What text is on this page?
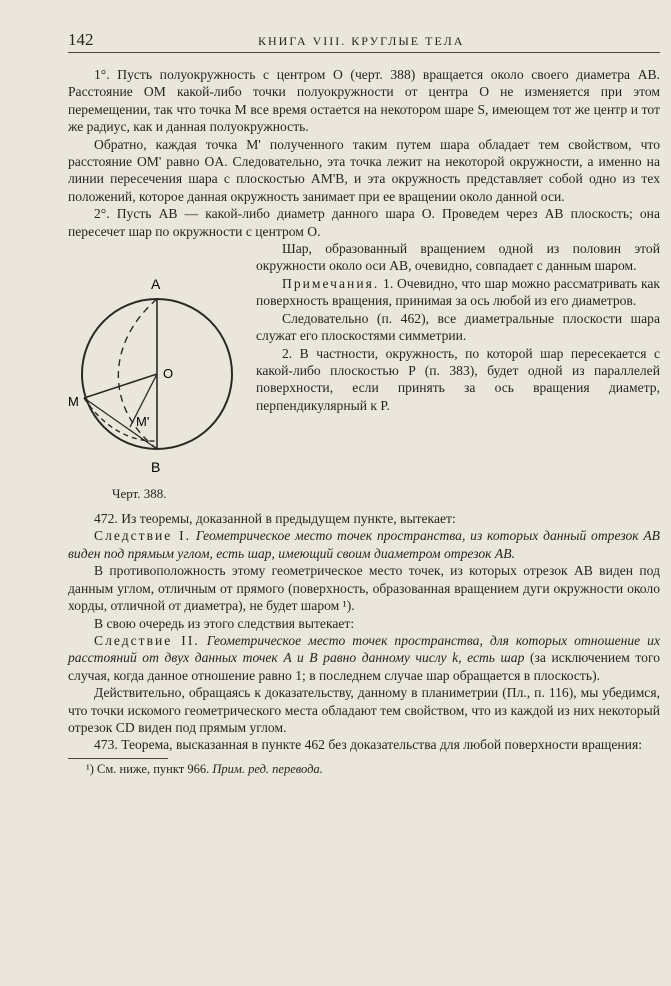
142	КНИГА VIII. КРУГЛЫЕ ТЕЛА

1°. Пусть полуокружность с центром O (черт. 388) вращается около своего диаметра AB. Расстояние OM какой-либо точки полуокружности от центра O не изменяется при этом перемещении, так что точка M все время остается на некотором шаре S, имеющем тот же центр и тот же радиус, как и данная полуокружность.

Обратно, каждая точка M' полученного таким путем шара обладает тем свойством, что расстояние OM' равно OA. Следовательно, эта точка лежит на некоторой окружности, а именно на линии пересечения шара с плоскостью AM'B, и эта окружность представляет собой одно из тех положений, которое данная окружность занимает при ее вращении около данной оси.

2°. Пусть AB — какой-либо диаметр данного шара O. Проведем через AB плоскость; она пересечет шар по окружности с центром O.

A
B
O
M
M'
Черт. 388.

Шар, образованный вращением одной из половин этой окружности около оси AB, очевидно, совпадает с данным шаром.

Примечания. 1. Очевидно, что шар можно рассматривать как поверхность вращения, принимая за ось любой из его диаметров.

Следовательно (п. 462), все диаметральные плоскости шара служат его плоскостями симметрии.

2. В частности, окружность, по которой шар пересекается с какой-либо плоскостью P (п. 383), будет одной из параллелей поверхности, если принять за ось вращения диаметр, перпендикулярный к P.

472. Из теоремы, доказанной в предыдущем пункте, вытекает:

Следствие I. Геометрическое место точек пространства, из которых данный отрезок AB виден под прямым углом, есть шар, имеющий своим диаметром отрезок AB.

В противоположность этому геометрическое место точек, из которых отрезок AB виден под данным углом, отличным от прямого (поверхность, образованная вращением дуги окружности около хорды, отличной от диаметра), не будет шаром ¹).

В свою очередь из этого следствия вытекает:

Следствие II. Геометрическое место точек пространства, для которых отношение их расстояний от двух данных точек A и B равно данному числу k, есть шар (за исключением того случая, когда данное отношение равно 1; в последнем случае шар обращается в плоскость).

Действительно, обращаясь к доказательству, данному в планиметрии (Пл., п. 116), мы убедимся, что точки искомого геометрического места обладают тем свойством, что из каждой из них некоторый отрезок CD виден под прямым углом.

473. Теорема, высказанная в пункте 462 без доказательства для любой поверхности вращения:

¹) См. ниже, пункт 966. Прим. ред. перевода.
